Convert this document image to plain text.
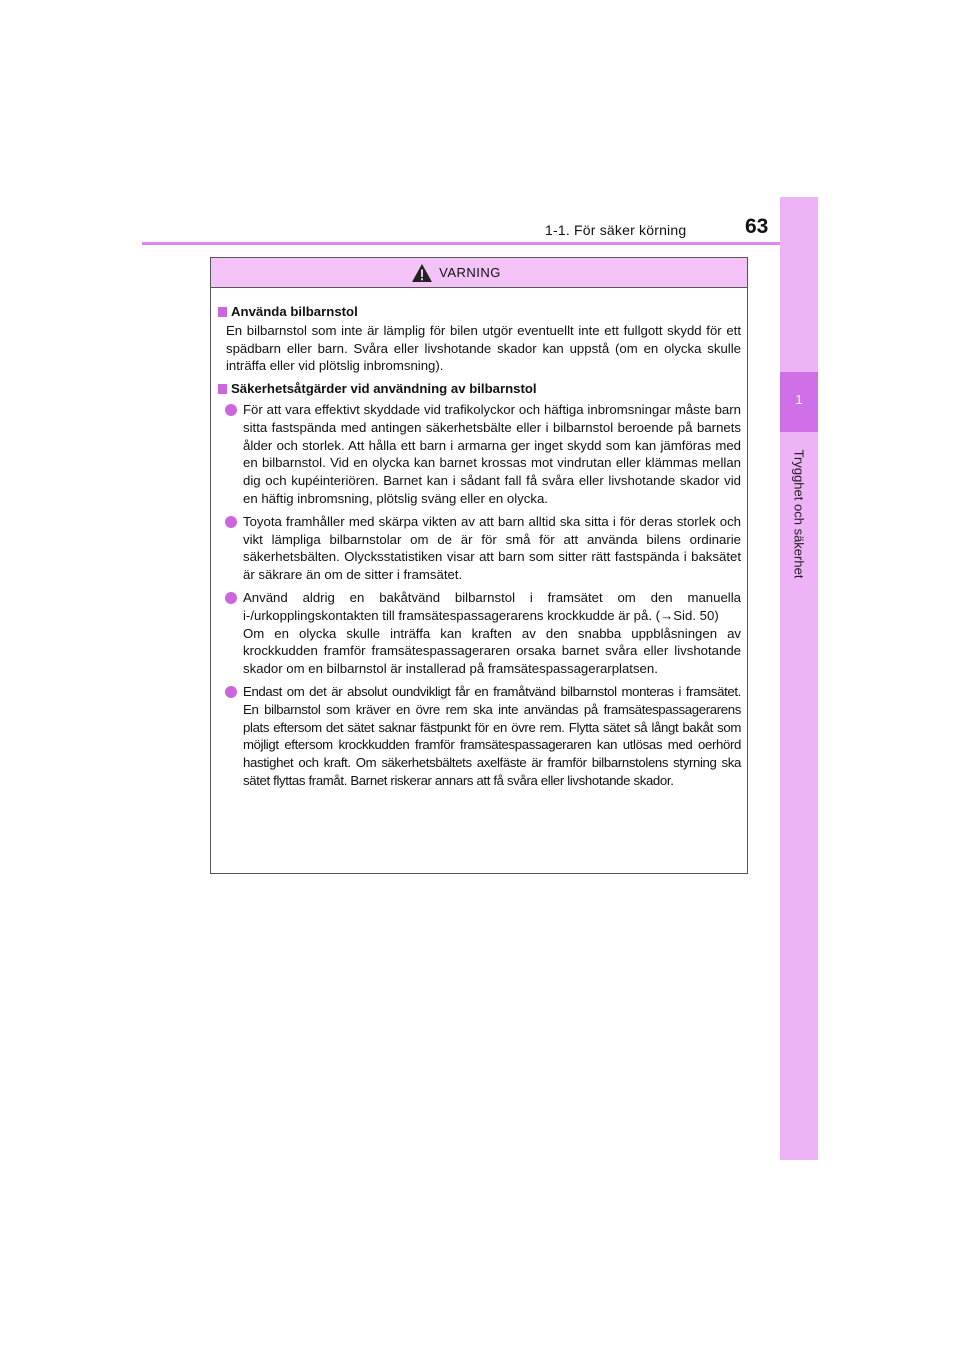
1-1. För säker körning	63
1
Trygghet och säkerhet
VARNING
Använda bilbarnstol
En bilbarnstol som inte är lämplig för bilen utgör eventuellt inte ett fullgott skydd för ett spädbarn eller barn. Svåra eller livshotande skador kan uppstå (om en olycka skulle inträffa eller vid plötslig inbromsning).
Säkerhetsåtgärder vid användning av bilbarnstol
För att vara effektivt skyddade vid trafikolyckor och häftiga inbromsningar måste barn sitta fastspända med antingen säkerhetsbälte eller i bilbarnstol beroende på barnets ålder och storlek. Att hålla ett barn i armarna ger inget skydd som kan jämföras med en bilbarnstol. Vid en olycka kan barnet krossas mot vindrutan eller klämmas mellan dig och kupéinteriören. Barnet kan i sådant fall få svåra eller livshotande skador vid en häftig inbromsning, plötslig sväng eller en olycka.
Toyota framhåller med skärpa vikten av att barn alltid ska sitta i för deras storlek och vikt lämpliga bilbarnstolar om de är för små för att använda bilens ordinarie säkerhetsbälten. Olycksstatistiken visar att barn som sitter rätt fastspända i baksätet är säkrare än om de sitter i framsätet.
Använd aldrig en bakåtvänd bilbarnstol i framsätet om den manuella i-/urkopplingskontakten till framsätespassagerarens krockkudde är på. (→Sid. 50)
Om en olycka skulle inträffa kan kraften av den snabba uppblåsningen av krockkudden framför framsätespassageraren orsaka barnet svåra eller livshotande skador om en bilbarnstol är installerad på framsätespassagerarplatsen.
Endast om det är absolut oundvikligt får en framåtvänd bilbarnstol monteras i framsätet. En bilbarnstol som kräver en övre rem ska inte användas på framsätespassagerarens plats eftersom det sätet saknar fästpunkt för en övre rem. Flytta sätet så långt bakåt som möjligt eftersom krockkudden framför framsätespassageraren kan utlösas med oerhörd hastighet och kraft. Om säkerhetsbältets axelfäste är framför bilbarnstolens styrning ska sätet flyttas framåt. Barnet riskerar annars att få svåra eller livshotande skador.
